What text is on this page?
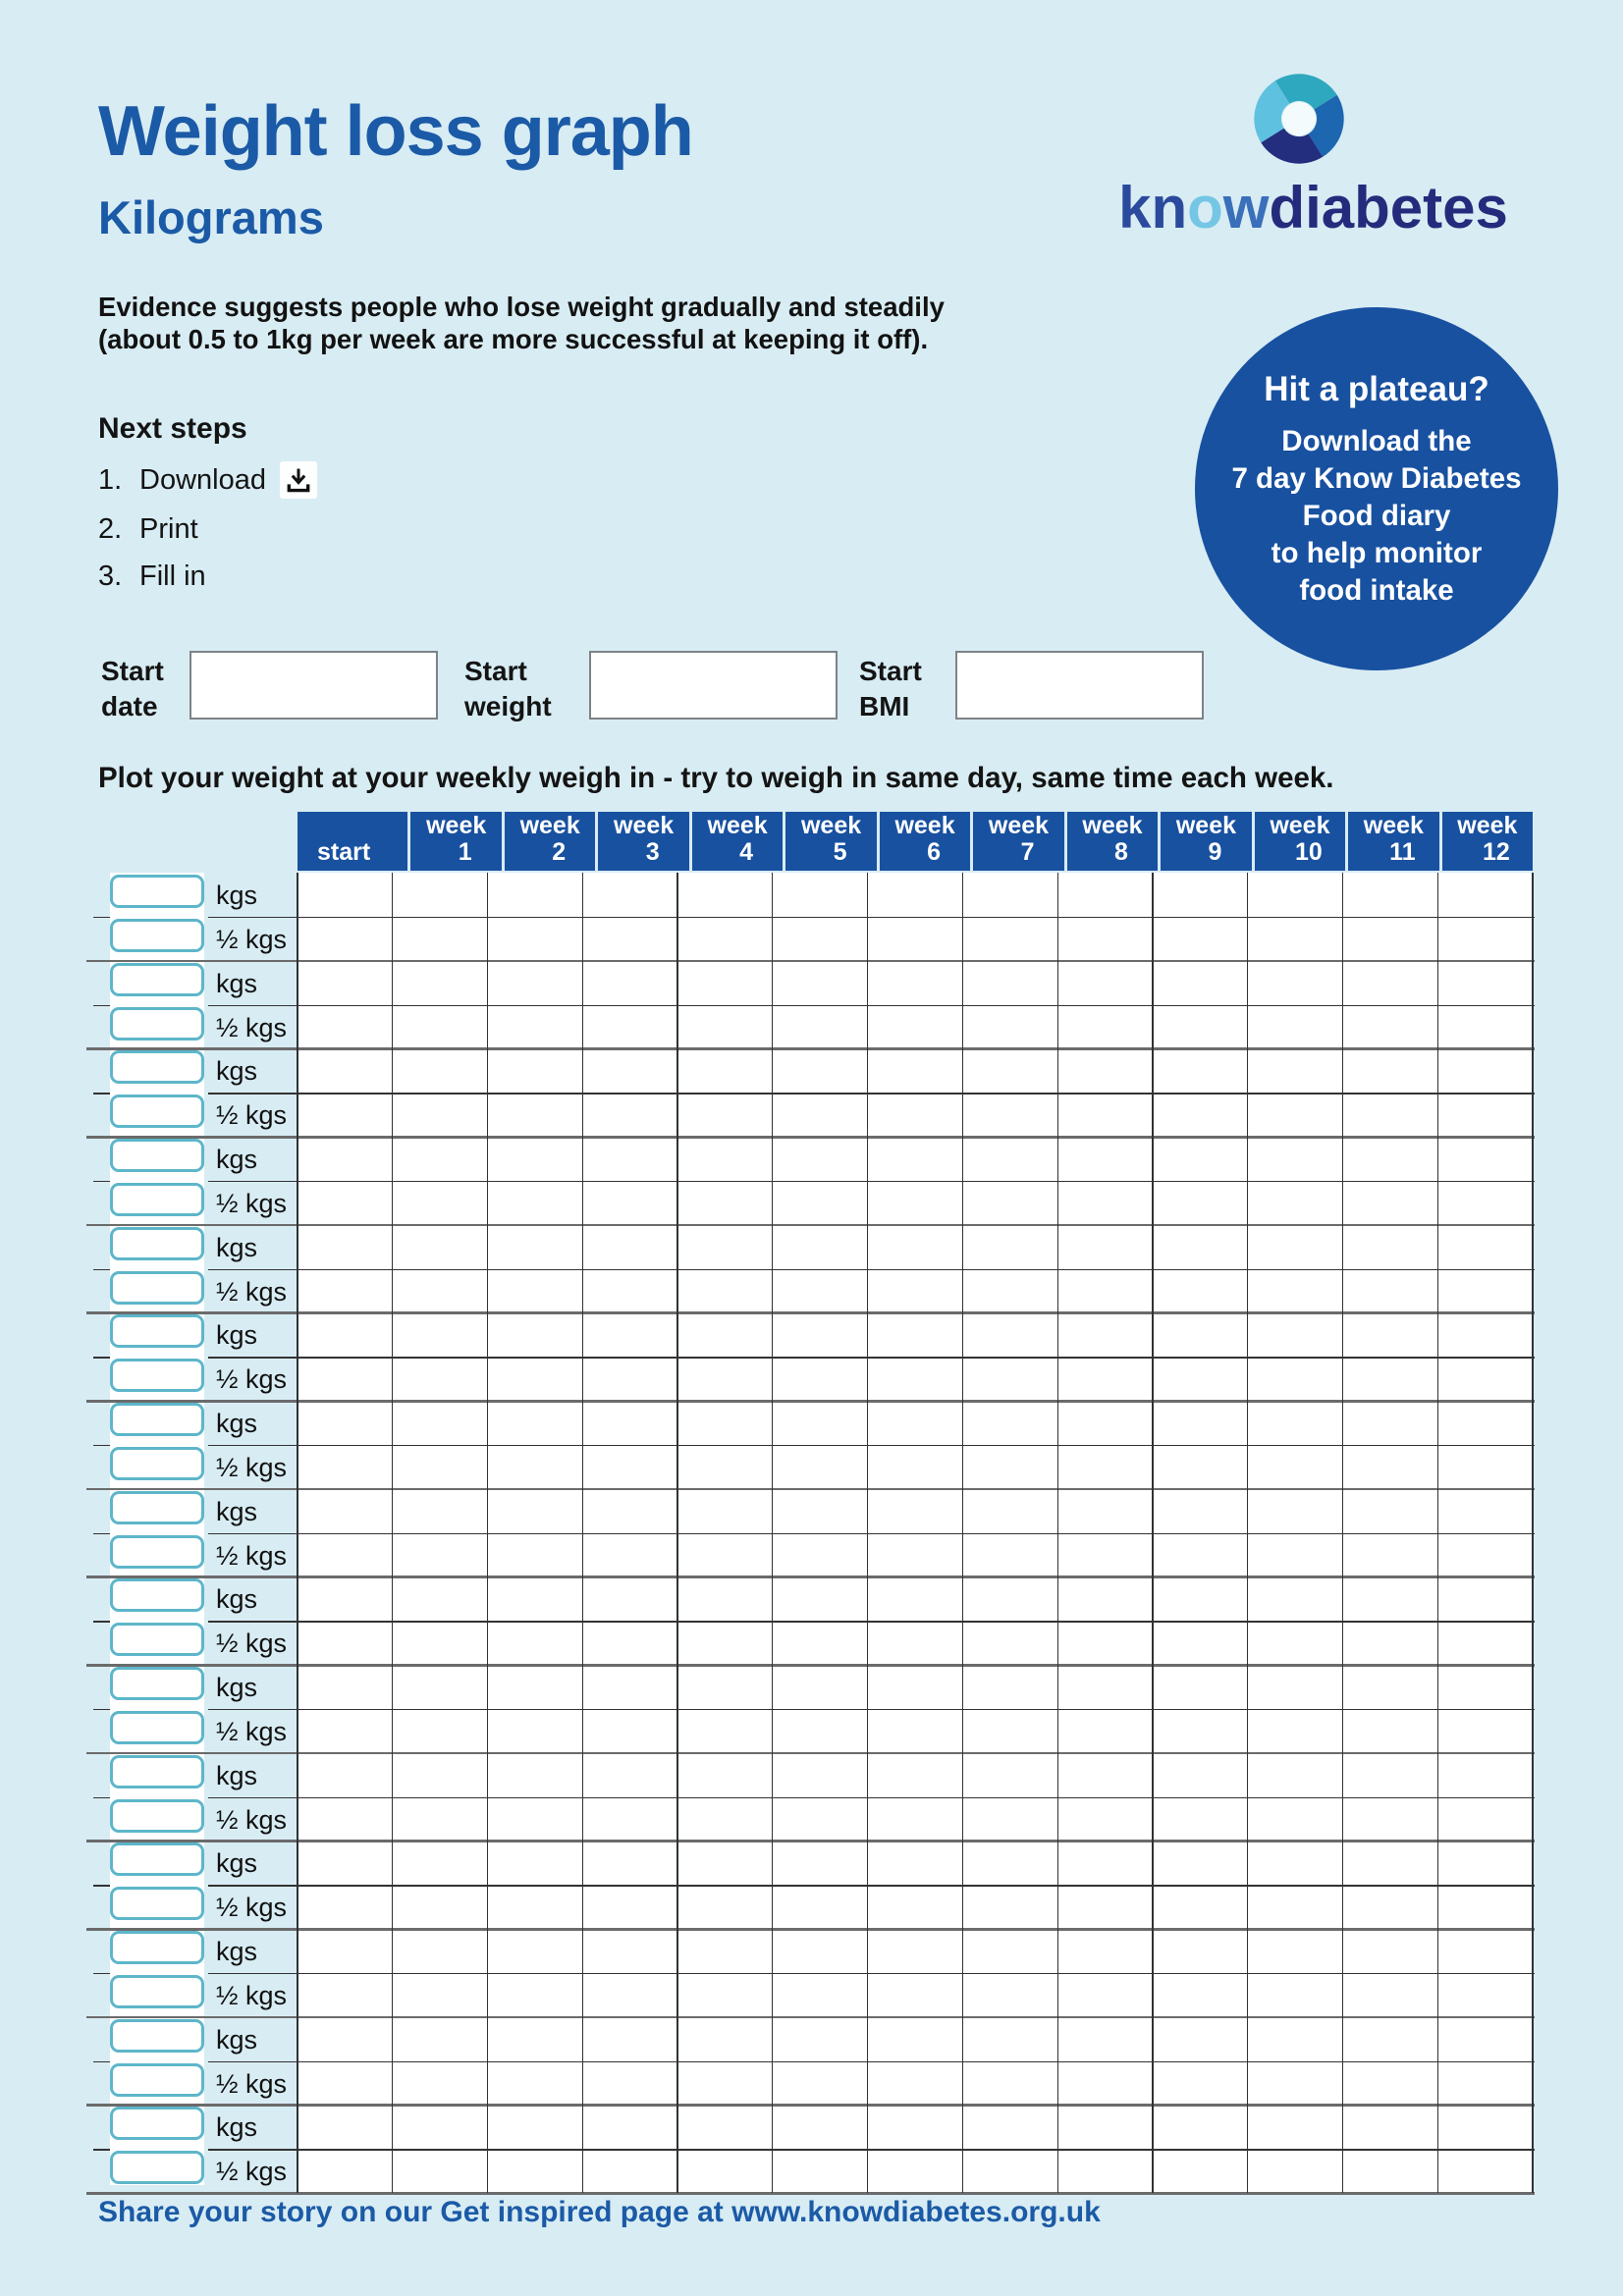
Weight loss graph
Kilograms	knowdiabetes
Evidence suggests people who lose weight gradually and steadily
(about 0.5 to 1kg per week are more successful at keeping it off).
Next steps
1. Download
2. Print
3. Fill in
Hit a plateau?
Download the
7 day Know Diabetes
Food diary
to help monitor
food intake
Start
date
Start
weight
Start
BMI
Plot your weight at your weekly weigh in - try to weigh in same day, same time each week.
start
week
1
week
2
week
3
week
4
week
5
week
6
week
7
week
8
week
9
week
10
week
11
week
12
kgs
½ kgs
kgs
½ kgs
kgs
½ kgs
kgs
½ kgs
kgs
½ kgs
kgs
½ kgs
kgs
½ kgs
kgs
½ kgs
kgs
½ kgs
kgs
½ kgs
kgs
½ kgs
kgs
½ kgs
kgs
½ kgs
kgs
½ kgs
kgs
½ kgs
Share your story on our Get inspired page at www.knowdiabetes.org.uk
